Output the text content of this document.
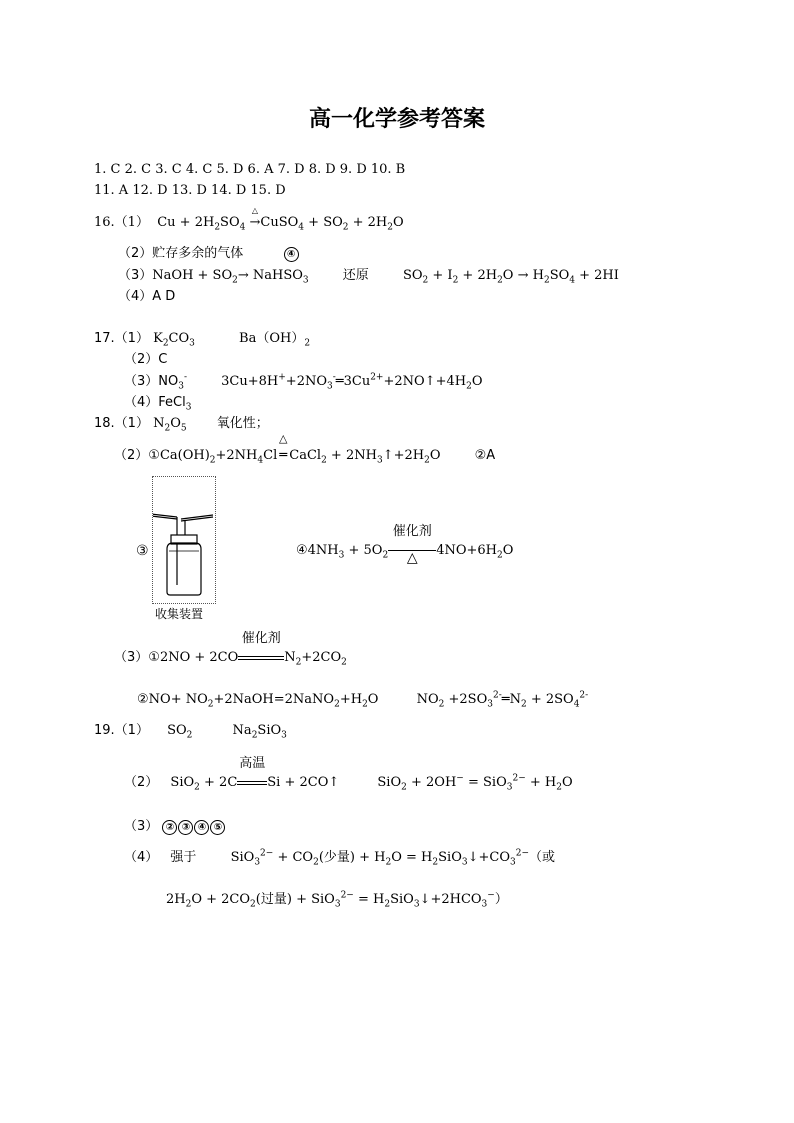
高一化学参考答案
1. C 2. C 3. C 4. C 5. D 6. A 7. D 8. D 9. D 10. B
11. A 12. D 13. D 14. D 15. D
16.（1）  $Cu + 2H_2SO_4$
△
→CuSO$_4$ + $SO_2 + 2H_2O$
（2）贮存多余的气体	④
（3）NaOH + $SO_2\to$ NaHSO$_3$	还原	$SO_2 + I_2 + 2H_2O \to H_2SO_4 + 2HI$
（4）A D
17.（1） $K_2CO_3$	$Ba(OH)_2$
（2）C
$(3)NO_3^-$	$3Cu+8H^++2NO_3^-═3Cu^{2+}+2NO↑+4H_2O$
（4）FeCl$_3$
18.（1） $N_2O_5$ 氧化性；
$(2)①Ca(OH)_2+2NH_4Cl$
△
═ CaCl$_2$ + $2NH_3↑+2H_2O$ ②A
③
收集装置
$④4NH_3 + 5O_2$
催化剂
△	$4NO+6H_2O$
（3）①2NO + 2CO
催化剂
$N_2+2CO_2$
②NO+ $NO_2+2NaOH=2NaNO_2+H_2O$	$NO_2$ $+2SO_3^{2-}═N_2 + 2SO_4^{2-}$
19.（1） $SO_2$	$Na_2SiO_3$
（2） SiO$_2$ + 2C
高温
Si + 2CO↑	$SiO_2 + 2OH^- = SiO_3^{2-} + H_2O$
（3） ② ③ ④ ⑤
（4） 强于	$SiO_3^{2-} + CO_2$(少量) + $H_2O$ = $H_2SiO_3↓+CO_3^{2-}$（或
$2H_2O + 2CO_2$(过量) + $SiO_3^{2-} = H_2SiO_3↓+2HCO_3^-$）
